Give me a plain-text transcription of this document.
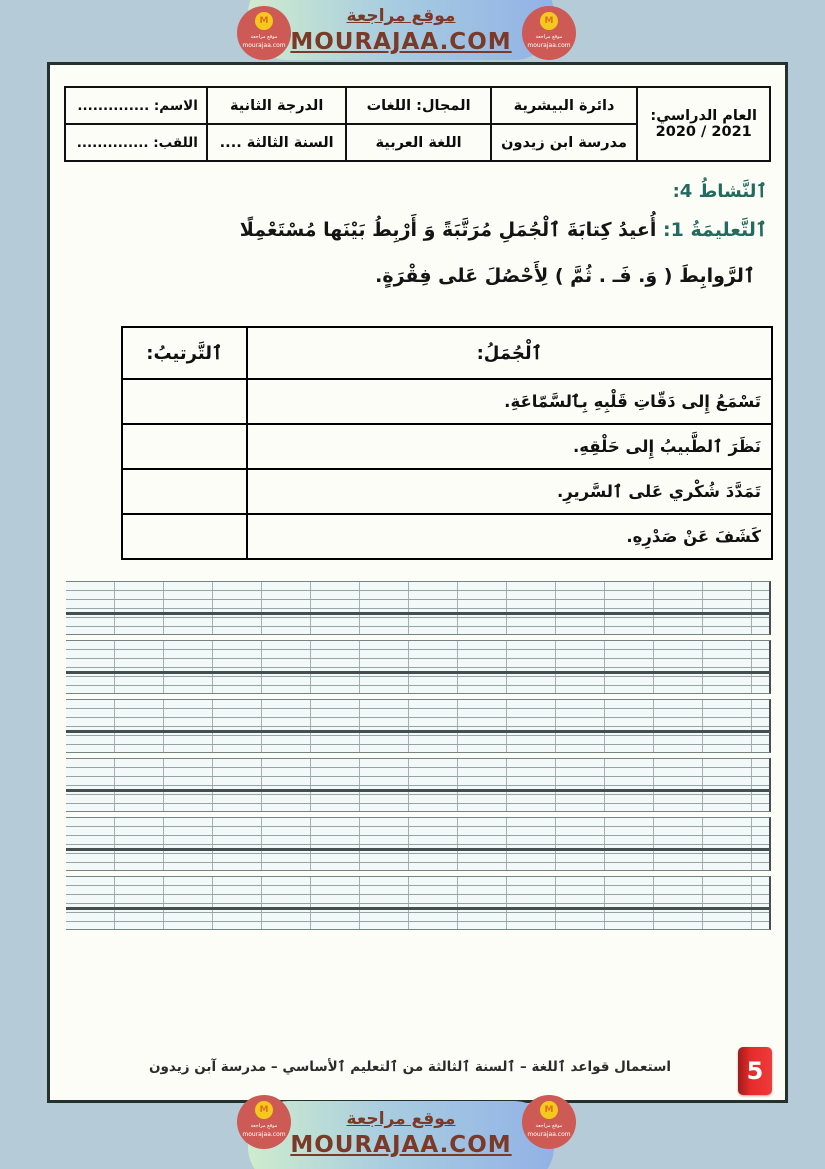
موقع مراجعة
MOURAJAA.COM
M
موقع مراجعة
mourajaa.com
M
موقع مراجعة
mourajaa.com
العام الدراسي:
2021 / 2020	دائرة البيشرية	المجال: اللغات	الدرجة الثانية	الاسم: ..............
	مدرسة ابن زيدون	اللغة العربية	السنة الثالثة ....	اللقب: ..............
ٱلنَّشاطُ 4:
ٱلتَّعليمَةُ 1: أُعيدُ كِتابَةَ ٱلْجُمَلِ مُرَتَّبَةً وَ أَرْبِطُ بَيْنَها مُسْتَعْمِلًا
ٱلرَّوابِطَ ( وَ. فَـ . ثُمَّ ) لِأَحْصُلَ عَلى فِقْرَةٍ.
ٱلْجُمَلُ:	ٱلتَّرتيبُ:
تَسْمَعُ إِلى دَقّاتِ قَلْبِهِ بِٱلسَّمّاعَةِ.	
نَظَرَ ٱلطَّبيبُ إِلى حَلْقِهِ.	
تَمَدَّدَ شُكْري عَلى ٱلسَّريرِ.	
كَشَفَ عَنْ صَدْرِهِ.	
استعمال قواعد ٱللغة – ٱلسنة ٱلثالثة من ٱلتعليم ٱلأساسي – مدرسة آبن زيدون	5
موقع مراجعة
MOURAJAA.COM
M
موقع مراجعة
mourajaa.com
M
موقع مراجعة
mourajaa.com
